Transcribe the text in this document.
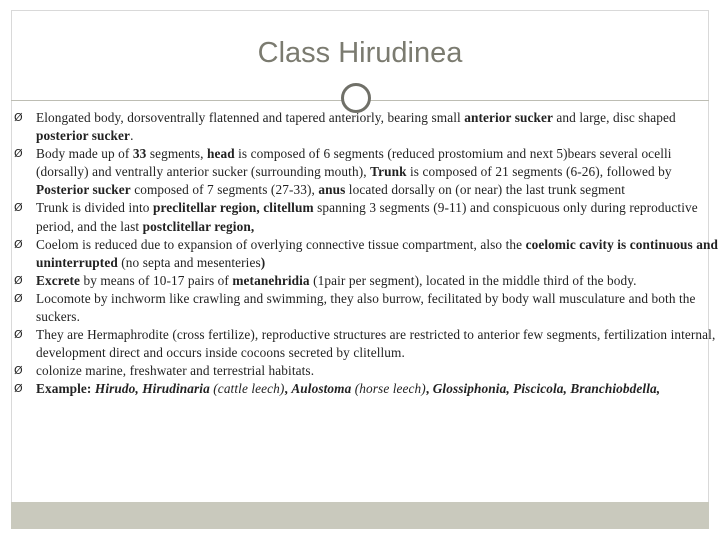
Class Hirudinea
Ø Elongated body, dorsoventrally flatenned and tapered anteriorly, bearing small anterior sucker and large, disc shaped posterior sucker.
Ø Body made up of 33 segments, head is composed of 6 segments (reduced prostomium and next 5)bears several ocelli (dorsally) and ventrally anterior sucker (surrounding mouth), Trunk is composed of 21 segments (6-26), followed by Posterior sucker composed of 7 segments (27-33), anus located dorsally on (or near) the last trunk segment
Ø Trunk is divided into preclitellar region, clitellum spanning 3 segments (9-11) and conspicuous only during reproductive period, and the last postclitellar region,
Ø Coelom is reduced due to expansion of overlying connective tissue compartment, also the coelomic cavity is continuous and uninterrupted (no septa and mesenteries)
Ø Excrete by means of 10-17 pairs of metanehridia (1pair per segment), located in the middle third of the body.
Ø Locomote by inchworm like crawling and swimming, they also burrow, fecilitated by body wall musculature and both the suckers.
Ø They are Hermaphrodite (cross fertilize), reproductive structures are restricted to anterior few segments, fertilization internal, development direct and occurs inside cocoons secreted by clitellum.
Ø colonize marine, freshwater and terrestrial habitats.
Ø Example: Hirudo, Hirudinaria (cattle leech), Aulostoma (horse leech), Glossiphonia, Piscicola, Branchiobdella,
